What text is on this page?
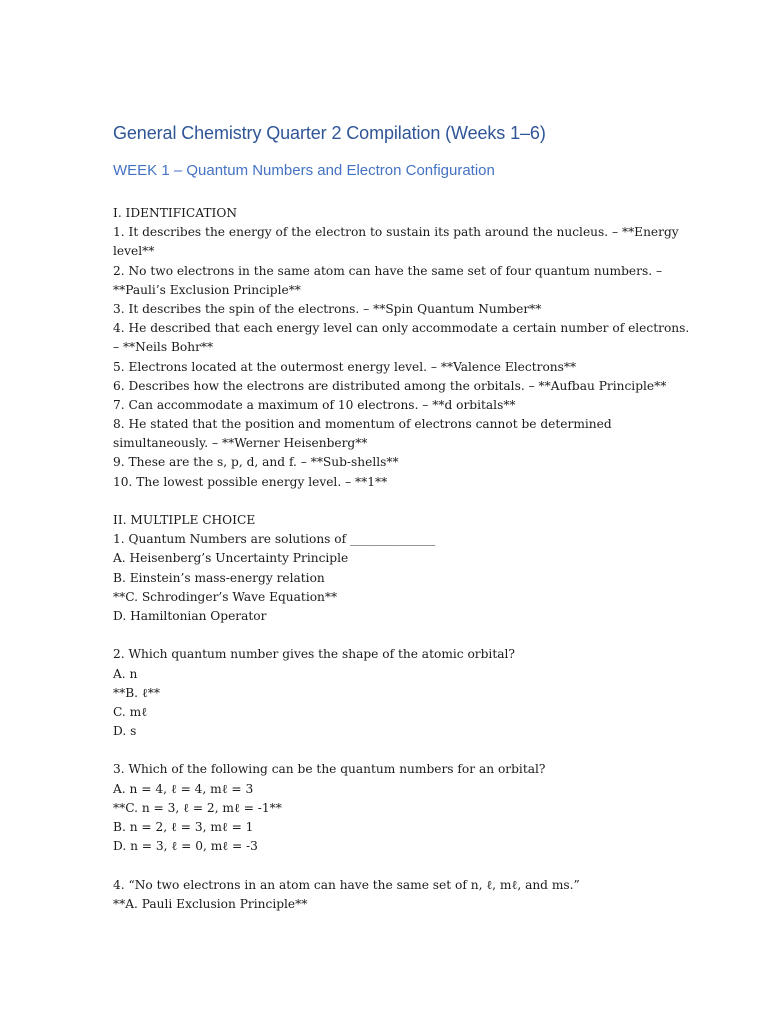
General Chemistry Quarter 2 Compilation (Weeks 1–6)
WEEK 1 – Quantum Numbers and Electron Configuration
I. IDENTIFICATION
1. It describes the energy of the electron to sustain its path around the nucleus. – **Energy
level**
2. No two electrons in the same atom can have the same set of four quantum numbers. –
**Pauli’s Exclusion Principle**
3. It describes the spin of the electrons. – **Spin Quantum Number**
4. He described that each energy level can only accommodate a certain number of electrons.
– **Neils Bohr**
5. Electrons located at the outermost energy level. – **Valence Electrons**
6. Describes how the electrons are distributed among the orbitals. – **Aufbau Principle**
7. Can accommodate a maximum of 10 electrons. – **d orbitals**
8. He stated that the position and momentum of electrons cannot be determined
simultaneously. – **Werner Heisenberg**
9. These are the s, p, d, and f. – **Sub-shells**
10. The lowest possible energy level. – **1**
II. MULTIPLE CHOICE
1. Quantum Numbers are solutions of ______________
A. Heisenberg’s Uncertainty Principle
B. Einstein’s mass-energy relation
**C. Schrodinger’s Wave Equation**
D. Hamiltonian Operator
2. Which quantum number gives the shape of the atomic orbital?
A. n
**B. ℓ**
C. mℓ
D. s
3. Which of the following can be the quantum numbers for an orbital?
A. n = 4, ℓ = 4, mℓ = 3
**C. n = 3, ℓ = 2, mℓ = -1**
B. n = 2, ℓ = 3, mℓ = 1
D. n = 3, ℓ = 0, mℓ = -3
4. “No two electrons in an atom can have the same set of n, ℓ, mℓ, and ms.”
**A. Pauli Exclusion Principle**
